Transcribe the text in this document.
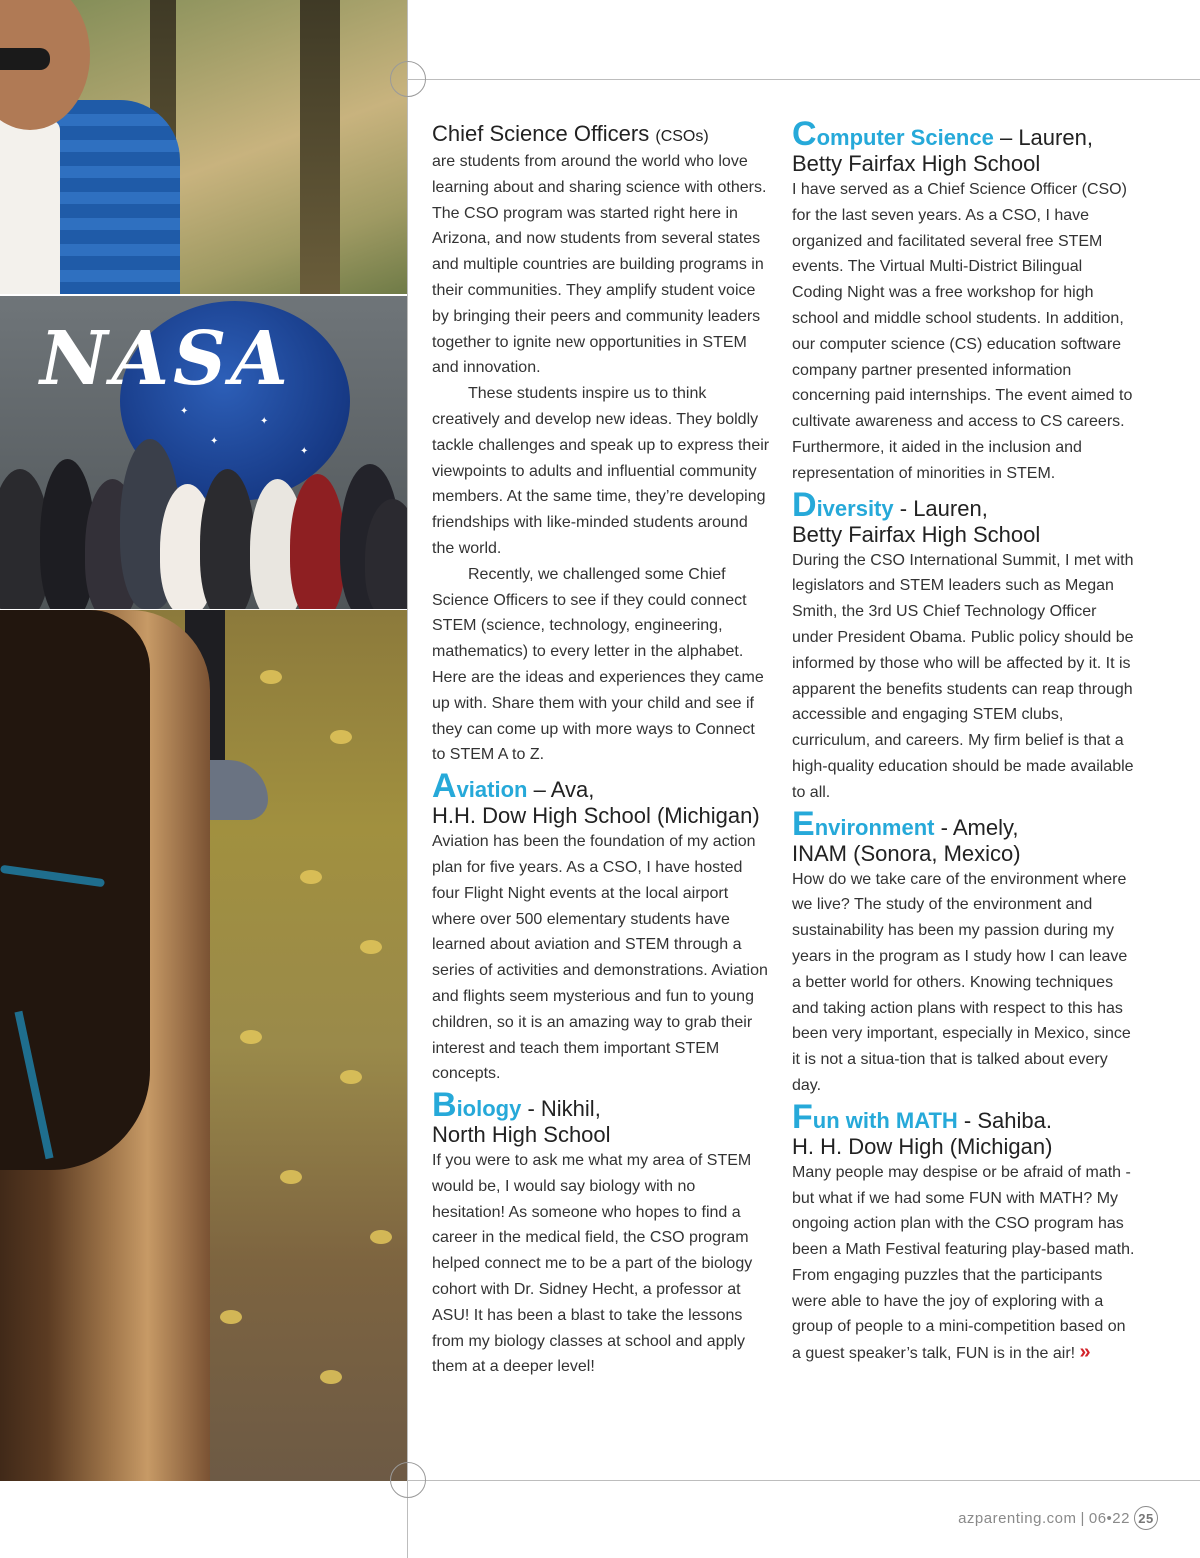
NASA
✦
✦
✦
✦
Chief Science Officers (CSOs)

are students from around the world who love learning about and sharing science with others. The CSO program was started right here in Arizona, and now students from several states and multiple countries are building programs in their communities. They amplify student voice by bringing their peers and community leaders together to ignite new opportunities in STEM and innovation.

These students inspire us to think creatively and develop new ideas. They boldly tackle challenges and speak up to express their viewpoints to adults and influential community members. At the same time, they’re developing friendships with like-minded students around the world.

Recently, we challenged some Chief Science Officers to see if they could connect STEM (science, technology, engineering, mathematics) to every letter in the alphabet. Here are the ideas and experiences they came up with. Share them with your child and see if they can come up with more ways to Connect to STEM A to Z.

Aviation – Ava,
H.H. Dow High School (Michigan)

Aviation has been the foundation of my action plan for five years. As a CSO, I have hosted four Flight Night events at the local airport where over 500 elementary students have learned about aviation and STEM through a series of activities and demonstrations. Aviation and flights seem mysterious and fun to young children, so it is an amazing way to grab their interest and teach them important STEM concepts.

Biology - Nikhil,
North High School

If you were to ask me what my area of STEM would be, I would say biology with no hesitation! As someone who hopes to find a career in the medical field, the CSO program helped connect me to be a part of the biology cohort with Dr. Sidney Hecht, a professor at ASU! It has been a blast to take the lessons from my biology classes at school and apply them at a deeper level!

Computer Science – Lauren,
Betty Fairfax High School

I have served as a Chief Science Officer (CSO) for the last seven years. As a CSO, I have organized and facilitated several free STEM events. The Virtual Multi-District Bilingual Coding Night was a free workshop for high school and middle school students. In addition, our computer science (CS) education software company partner presented information concerning paid internships. The event aimed to cultivate awareness and access to CS careers. Furthermore, it aided in the inclusion and representation of minorities in STEM.

Diversity - Lauren,
Betty Fairfax High School

During the CSO International Summit, I met with legislators and STEM leaders such as Megan Smith, the 3rd US Chief Technology Officer under President Obama. Public policy should be informed by those who will be affected by it. It is apparent the benefits students can reap through accessible and engaging STEM clubs, curriculum, and careers. My firm belief is that a high-quality education should be made available to all.

Environment - Amely,
INAM (Sonora, Mexico)

How do we take care of the environment where we live? The study of the environment and sustainability has been my passion during my years in the program as I study how I can leave a better world for others. Knowing techniques and taking action plans with respect to this has been very important, especially in Mexico, since it is not a situa-tion that is talked about every day.

Fun with MATH - Sahiba.
H. H. Dow High (Michigan)

Many people may despise or be afraid of math - but what if we had some FUN with MATH? My ongoing action plan with the CSO program has been a Math Festival featuring play-based math. From engaging puzzles that the participants were able to have the joy of exploring with a group of people to a mini-competition based on a guest speaker’s talk, FUN is in the air! »

azparenting.com | 06•22 25
